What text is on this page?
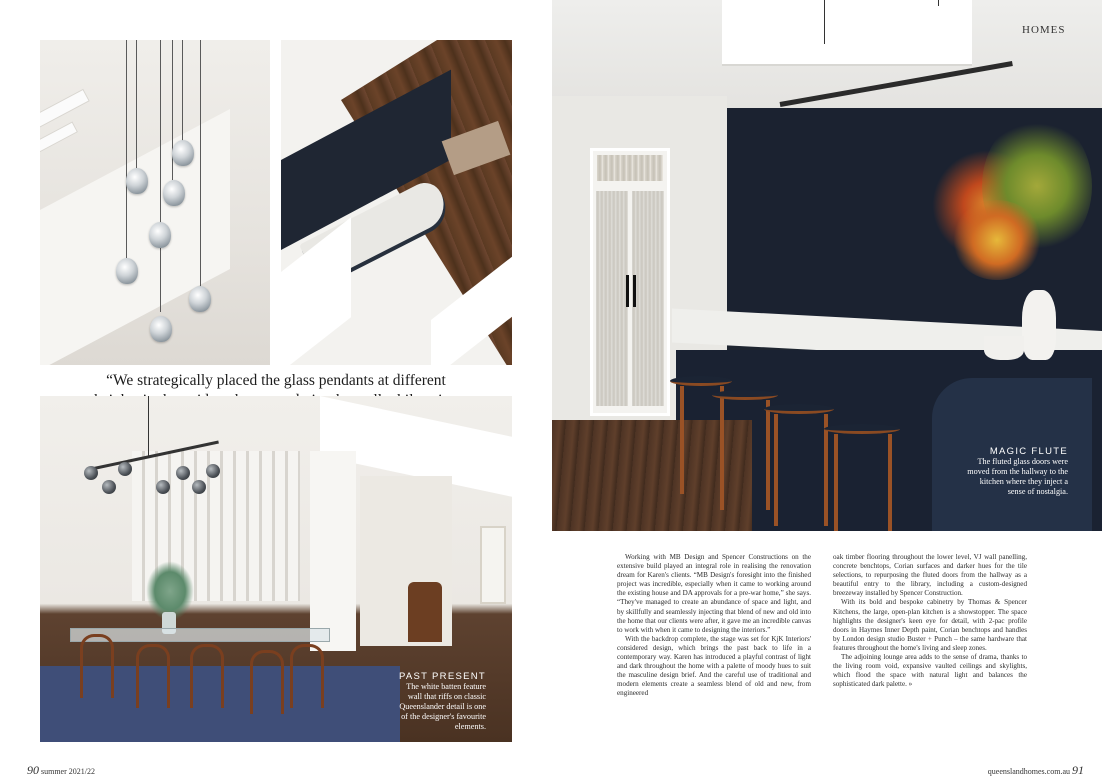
“We strategically placed the glass pendants at different
PAST PRESENT
The white batten feature wall that riffs on classic Queenslander detail is one of the designer's favourite elements.
HOMES
MAGIC FLUTE
The fluted glass doors were moved from the hallway to the kitchen where they inject a sense of nostalgia.

Working with MB Design and Spencer Constructions on the extensive build played an integral role in realising the renovation dream for Karen's clients. “MB Design's foresight into the finished project was incredible, especially when it came to working around the existing house and DA approvals for a pre-war home,” she says. “They've managed to create an abundance of space and light, and by skillfully and seamlessly injecting that blend of new and old into the home that our clients were after, it gave me an incredible canvas to work with when it came to designing the interiors.”

With the backdrop complete, the stage was set for KjK Interiors' considered design, which brings the past back to life in a contemporary way. Karen has introduced a playful contrast of light and dark throughout the home with a palette of moody hues to suit the masculine design brief. And the careful use of traditional and modern elements create a seamless blend of old and new, from engineered

oak timber flooring throughout the lower level, VJ wall panelling, concrete benchtops, Corian surfaces and darker hues for the tile selections, to repurposing the fluted doors from the hallway as a beautiful entry to the library, including a custom-designed breezeway installed by Spencer Construction.

With its bold and bespoke cabinetry by Thomas & Spencer Kitchens, the large, open-plan kitchen is a showstopper. The space highlights the designer's keen eye for detail, with 2-pac profile doors in Haymes Inner Depth paint, Corian benchtops and handles by London design studio Buster + Punch – the same hardware that features throughout the home's living and sleep zones.

The adjoining lounge area adds to the sense of drama, thanks to the living room void, expansive vaulted ceilings and skylights, which flood the space with natural light and balances the sophisticated dark palette. »

90 summer 2021/22	queenslandhomes.com.au 91
